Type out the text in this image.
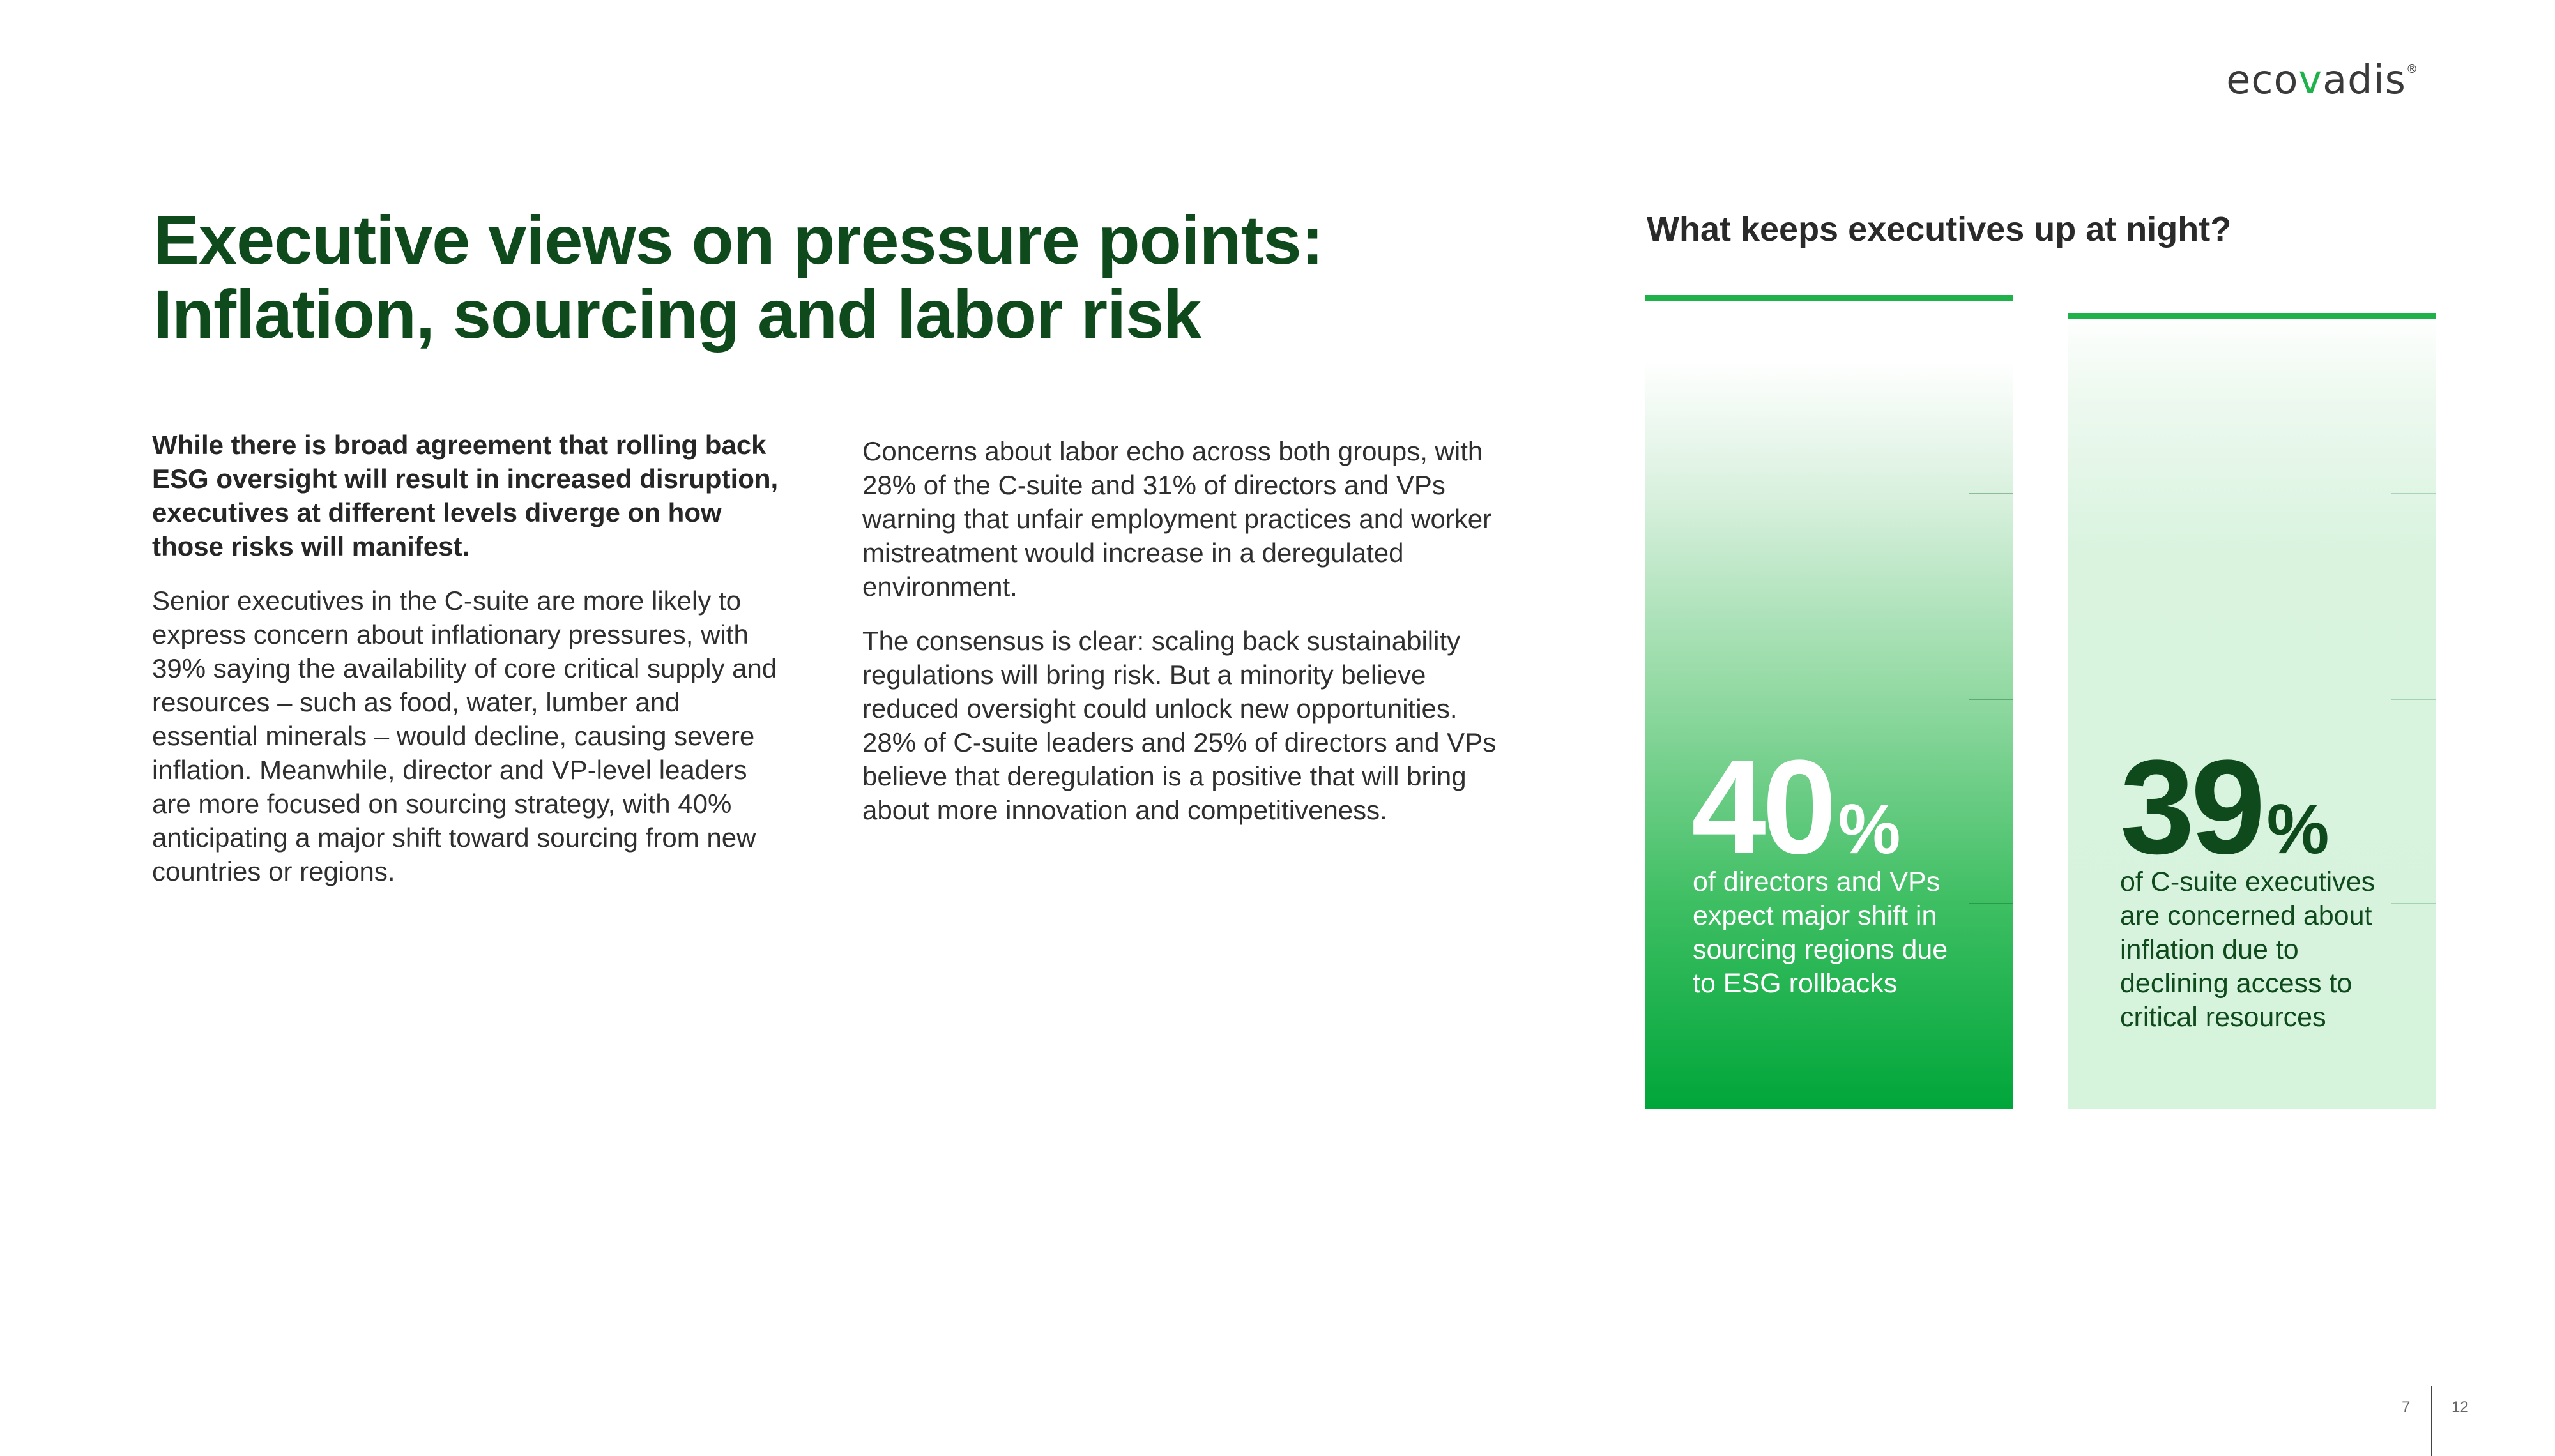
ecovadis®
Executive views on pressure points:
Inflation, sourcing and labor risk

While there is broad agreement that rolling back ESG oversight will result in increased disruption, executives at different levels diverge on how those risks will manifest.

Senior executives in the C-suite are more likely to express concern about inflationary pressures, with 39% saying the availability of core critical supply and resources – such as food, water, lumber and essential minerals – would decline, causing severe inflation. Meanwhile, director and VP-level leaders are more focused on sourcing strategy, with 40% anticipating a major shift toward sourcing from new countries or regions.

Concerns about labor echo across both groups, with 28% of the C-suite and 31% of directors and VPs warning that unfair employment practices and worker mistreatment would increase in a deregulated environment.

The consensus is clear: scaling back sustainability regulations will bring risk. But a minority believe reduced oversight could unlock new opportunities. 28% of C-suite leaders and 25% of directors and VPs believe that deregulation is a positive that will bring about more innovation and competitiveness.

What keeps executives up at night?
40%
of directors and VPs expect major shift in sourcing regions due to ESG rollbacks
39%
of C-suite executives are concerned about inflation due to declining access to critical resources
7	12
